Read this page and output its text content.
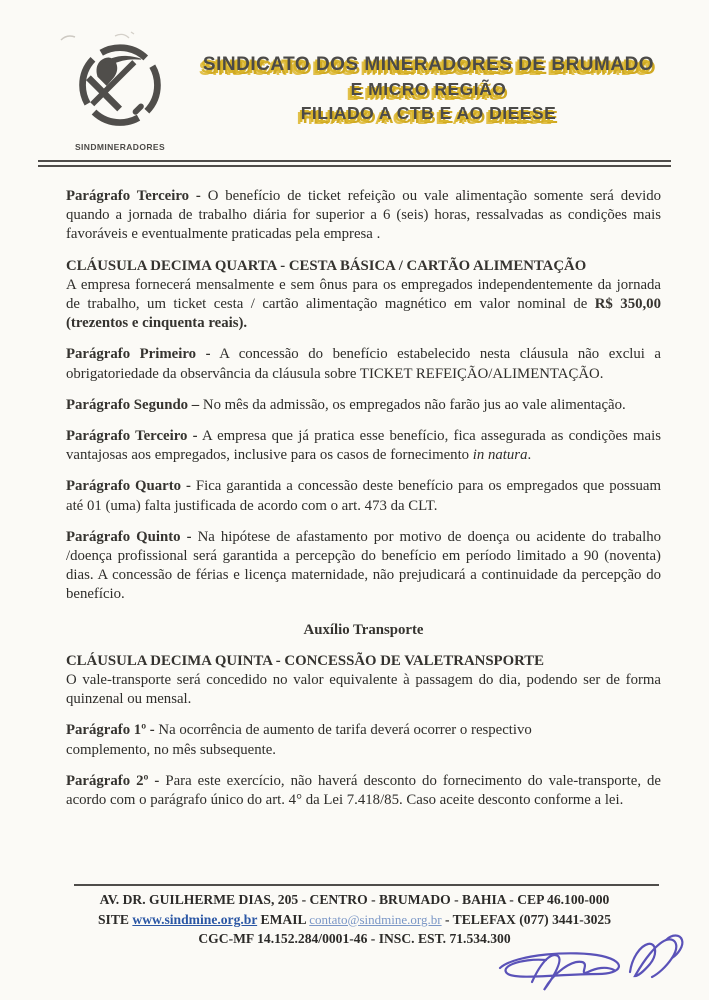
SINDMINERADORES
SINDICATO DOS MINERADORES DE BRUMADO
E MICRO REGIÃO
FILIADO A CTB E AO DIEESE

Parágrafo Terceiro - O benefício de ticket refeição ou vale alimentação somente será devido quando a jornada de trabalho diária for superior a 6 (seis) horas, ressalvadas as condições mais favoráveis e eventualmente praticadas pela empresa .

CLÁUSULA DECIMA QUARTA - CESTA BÁSICA / CARTÃO ALIMENTAÇÃO

A empresa fornecerá mensalmente e sem ônus para os empregados independentemente da jornada de trabalho, um ticket cesta / cartão alimentação magnético em valor nominal de R$ 350,00 (trezentos e cinquenta reais).

Parágrafo Primeiro - A concessão do benefício estabelecido nesta cláusula não exclui a obrigatoriedade da observância da cláusula sobre TICKET REFEIÇÃO/ALIMENTAÇÃO.

Parágrafo Segundo – No mês da admissão, os empregados não farão jus ao vale alimentação.

Parágrafo Terceiro - A empresa que já pratica esse benefício, fica assegurada as condições mais vantajosas aos empregados, inclusive para os casos de fornecimento in natura.

Parágrafo Quarto - Fica garantida a concessão deste benefício para os empregados que possuam até 01 (uma) falta justificada de acordo com o art. 473 da CLT.

Parágrafo Quinto - Na hipótese de afastamento por motivo de doença ou acidente do trabalho /doença profissional será garantida a percepção do benefício em período limitado a 90 (noventa) dias. A concessão de férias e licença maternidade, não prejudicará a continuidade da percepção do benefício.

Auxílio Transporte
CLÁUSULA DECIMA QUINTA - CONCESSÃO DE VALETRANSPORTE

O vale-transporte será concedido no valor equivalente à passagem do dia, podendo ser de forma quinzenal ou mensal.

Parágrafo 1º - Na ocorrência de aumento de tarifa deverá ocorrer o respectivo complemento, no mês subsequente.

Parágrafo 2º - Para este exercício, não haverá desconto do fornecimento do vale-transporte, de acordo com o parágrafo único do art. 4° da Lei 7.418/85. Caso aceite desconto conforme a lei.

AV. DR. GUILHERME DIAS, 205 - CENTRO - BRUMADO - BAHIA - CEP 46.100-000
SITE www.sindmine.org.br EMAIL contato@sindmine.org.br - TELEFAX (077) 3441-3025
CGC-MF 14.152.284/0001-46 - INSC. EST. 71.534.300
